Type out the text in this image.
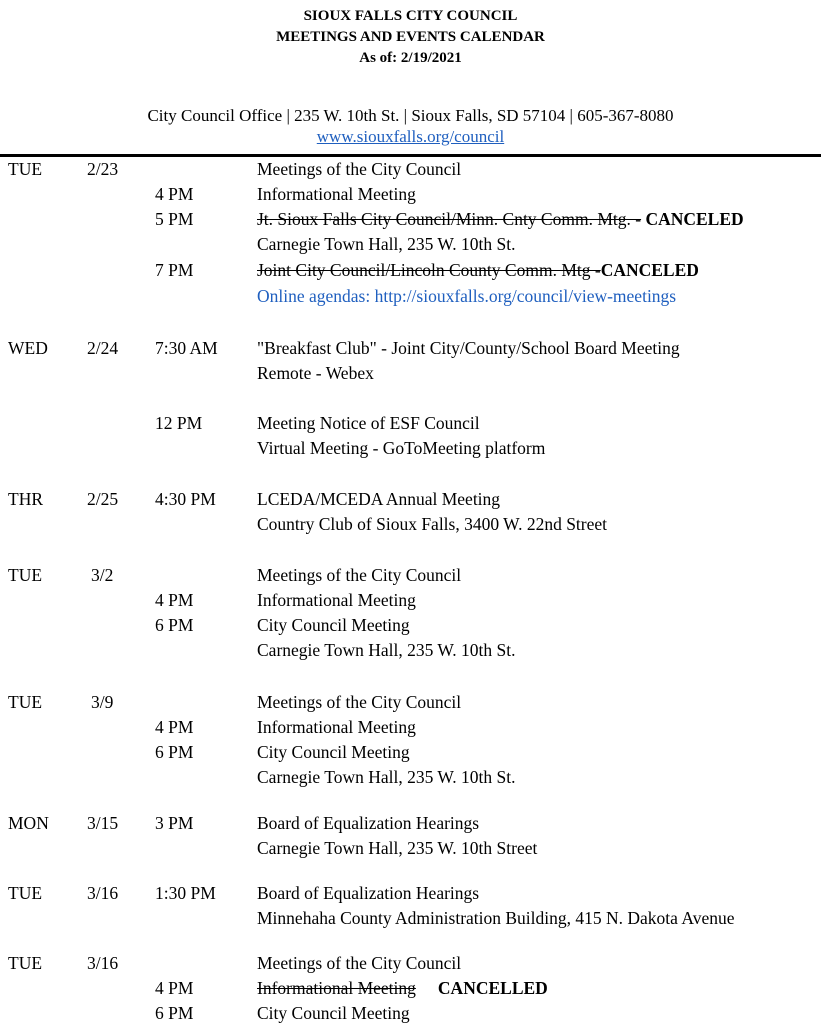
SIOUX FALLS CITY COUNCIL
MEETINGS AND EVENTS CALENDAR
As of: 2/19/2021
City Council Office | 235 W. 10th St. | Sioux Falls, SD 57104 | 605-367-8080
www.siouxfalls.org/council
TUE	2/23	Meetings of the City Council
4 PM	Informational Meeting
5 PM	Jt. Sioux Falls City Council/Minn. Cnty Comm. Mtg. - CANCELED
Carnegie Town Hall, 235 W. 10th St.
7 PM	Joint City Council/Lincoln County Comm. Mtg -CANCELED
Online agendas: http://siouxfalls.org/council/view-meetings
WED 2/24 7:30 AM "Breakfast Club" - Joint City/County/School Board Meeting
Remote - Webex
12 PM	Meeting Notice of ESF Council
Virtual Meeting - GoToMeeting platform
THR	2/25 4:30 PM LCEDA/MCEDA Annual Meeting
Country Club of Sioux Falls, 3400 W. 22nd Street
TUE	3/2	Meetings of the City Council
4 PM	Informational Meeting
6 PM	City Council Meeting
Carnegie Town Hall, 235 W. 10th St.
TUE	3/9	Meetings of the City Council
4 PM	Informational Meeting
6 PM	City Council Meeting
Carnegie Town Hall, 235 W. 10th St.
MON 3/15 3 PM	Board of Equalization Hearings
Carnegie Town Hall, 235 W. 10th Street
TUE	3/16 1:30 PM Board of Equalization Hearings
Minnehaha County Administration Building, 415 N. Dakota Avenue
TUE	3/16	Meetings of the City Council
4 PM	Informational Meeting CANCELLED
6 PM	City Council Meeting
